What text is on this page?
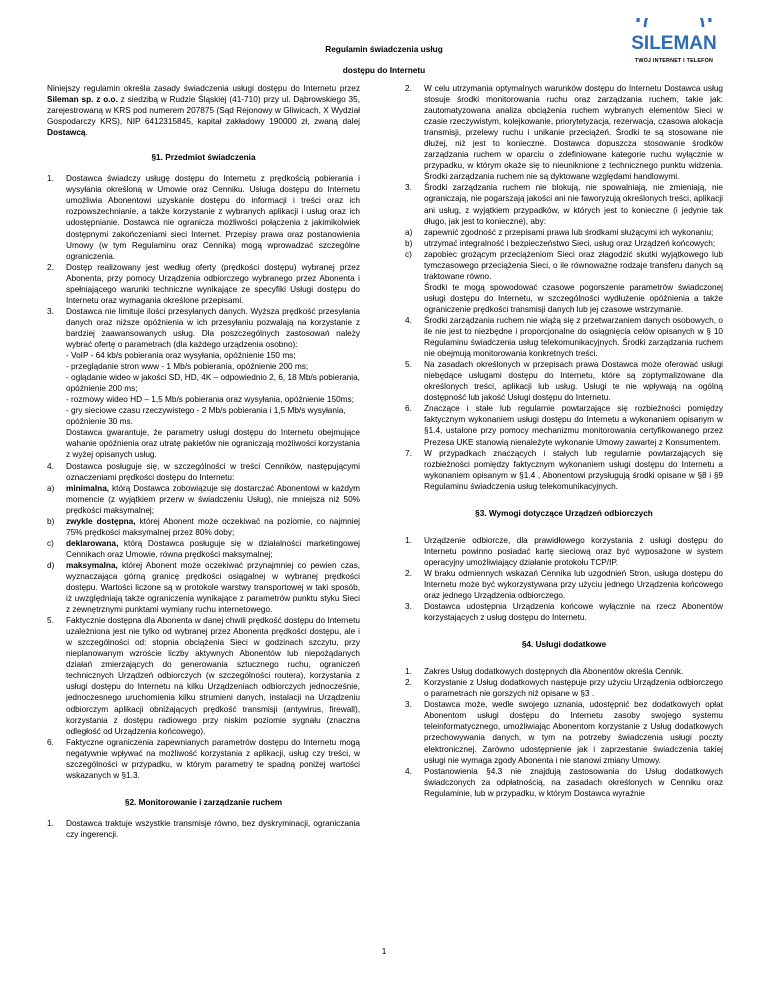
Regulamin świadczenia usług
dostępu do Internetu
SILEMAN
TWÓJ INTERNET I TELEFON

Niniejszy regulamin określa zasady świadczenia usługi dostępu do Internetu przez Sileman sp. z o.o. z siedzibą w Rudzie Śląskiej (41-710) przy ul. Dąbrowskiego 35, zarejestrowaną w KRS pod numerem 207875 (Sąd Rejonowy w Gliwicach, X Wydział Gospodarczy KRS), NIP 6412315845, kapitał zakładowy 190000 zł, zwaną dalej Dostawcą.

§1. Przedmiot świadczenia
1. Dostawca świadczy usługę dostępu do Internetu z prędkością pobierania i wysyłania określoną w Umowie oraz Cenniku. Usługa dostępu do Internetu umożliwia Abonentowi uzyskanie dostępu do informacji i treści oraz ich rozpowszechnianie, a także korzystanie z wybranych aplikacji i usług oraz ich udostępnianie. Dostawca nie ogranicza możliwości połączenia z jakimikolwiek dostępnymi zakończeniami sieci Internet. Przepisy prawa oraz postanowienia Umowy (w tym Regulaminu oraz Cennika) mogą wprowadzać szczególne ograniczenia.
2. Dostęp realizowany jest według oferty (prędkości dostępu) wybranej przez Abonenta, przy pomocy Urządzenia odbiorczego wybranego przez Abonenta i spełniającego warunki techniczne wynikające ze specyfiki Usługi dostępu do Internetu oraz wymagania określone przepisami.
3. Dostawca nie limituje ilości przesyłanych danych. Wyższa prędkość przesyłania danych oraz niższe opóźnienia w ich przesyłaniu pozwalają na korzystanie z bardziej zaawansowanych usług. Dla poszczególnych zastosowań należy wybrać ofertę o parametrach (dla każdego urządzenia osobno):
- VoIP - 64 kb/s pobierania oraz wysyłania, opóźnienie 150 ms;
- przeglądanie stron www - 1 Mb/s pobierania, opóźnienie 200 ms;
- oglądanie wideo w jakości SD, HD, 4K – odpowiednio 2, 6, 18 Mb/s pobierania, opóźnienie 200 ms;
- rozmowy wideo HD – 1,5 Mb/s pobierania oraz wysyłania, opóźnienie 150ms;
- gry sieciowe czasu rzeczywistego - 2 Mb/s pobierania i 1,5 Mb/s wysyłania, opóźnienie 30 ms.
Dostawca gwarantuje, że parametry usługi dostępu do Internetu obejmujące wahanie opóźnienia oraz utratę pakietów nie ograniczają możliwości korzystania z wyżej opisanych usług.
4. Dostawca posługuje się, w szczególności w treści Cenników, następującymi oznaczeniami prędkości dostępu do Internetu:
a) minimalna, którą Dostawca zobowiązuje się dostarczać Abonentowi w każdym momencie (z wyjątkiem przerw w świadczeniu Usług), nie mniejsza niż 50% prędkości maksymalnej;
b) zwykle dostępna, której Abonent może oczekiwać na poziomie, co najmniej 75% prędkości maksymalnej przez 80% doby;
c) deklarowana, którą Dostawca posługuje się w działalności marketingowej Cennikach oraz Umowie, równa prędkości maksymalnej;
d) maksymalna, której Abonent może oczekiwać przynajmniej co pewien czas, wyznaczająca górną granicę prędkości osiągalnej w wybranej prędkości dostępu. Wartości liczone są w protokole warstwy transportowej w taki sposób, iż uwzględniają także ograniczenia wynikające z parametrów punktu styku Sieci z zewnętrznymi punktami wymiany ruchu internetowego.
5. Faktycznie dostępna dla Abonenta w danej chwili prędkość dostępu do Internetu uzależniona jest nie tylko od wybranej przez Abonenta prędkości dostępu, ale i w szczególności od: stopnia obciążenia Sieci w godzinach szczytu, przy nieplanowanym wzroście liczby aktywnych Abonentów lub niepożądanych działań zmierzających do generowania sztucznego ruchu, ograniczeń technicznych Urządzeń odbiorczych (w szczególności routera), korzystania z usługi dostępu do Internetu na kilku Urządzeniach odbiorczych jednocześnie, jednoczesnego uruchomienia kilku strumieni danych, instalacji na Urządzeniu odbiorczym aplikacji obniżających prędkość transmisji (antywirus, firewall), korzystania z dostępu radiowego przy niskim poziomie sygnału (znaczna odległość od Urządzenia końcowego).
6. Faktyczne ograniczenia zapewnianych parametrów dostępu do Internetu mogą negatywnie wpływać na możliwość korzystania z aplikacji, usług czy treści, w szczególności w przypadku, w którym parametry te spadną poniżej wartości wskazanych w §1.3.
§2. Monitorowanie i zarządzanie ruchem
1. Dostawca traktuje wszystkie transmisje równo, bez dyskryminacji, ograniczania czy ingerencji.
2. W celu utrzymania optymalnych warunków dostępu do Internetu Dostawca usług stosuje środki monitorowania ruchu oraz zarządzania ruchem, takie jak: zautomatyzowana analiza obciążenia ruchem wybranych elementów Sieci w czasie rzeczywistym, kolejkowanie, priorytetyzacja, rezerwacja, czasowa alokacja transmisji, przelewy ruchu i unikanie przeciążeń. Środki te są stosowane nie dłużej, niż jest to konieczne. Dostawca dopuszcza stosowanie środków zarządzania ruchem w oparciu o zdefiniowane kategorie ruchu wyłącznie w przypadku, w którym okaże się to nieuniknione z technicznego punktu widzenia. Środki zarządzania ruchem nie są dyktowane względami handlowymi.
3. Środki zarządzania ruchem nie blokują, nie spowalniają, nie zmieniają, nie ograniczają, nie pogarszają jakości ani nie faworyzują określonych treści, aplikacji ani usług, z wyjątkiem przypadków, w których jest to konieczne (i jedynie tak długo, jak jest to konieczne), aby:
a) zapewnić zgodność z przepisami prawa lub środkami służącymi ich wykonaniu;
b) utrzymać integralność i bezpieczeństwo Sieci, usług oraz Urządzeń końcowych;
c) zapobiec grożącym przeciążeniom Sieci oraz złagodzić skutki wyjątkowego lub tymczasowego przeciążenia Sieci, o ile równoważne rodzaje transferu danych są traktowane równo.
Środki te mogą spowodować czasowe pogorszenie parametrów świadczonej usługi dostępu do Internetu, w szczególności wydłużenie opóźnienia a także ograniczenie prędkości transmisji danych lub jej czasowe wstrzymanie.
4. Środki zarządzania ruchem nie wiążą się z przetwarzaniem danych osobowych, o ile nie jest to niezbędne i proporcjonalne do osiągnięcia celów opisanych w § 10 Regulaminu świadczenia usług telekomunikacyjnych. Środki zarządzania ruchem nie obejmują monitorowania konkretnych treści.
5. Na zasadach określonych w przepisach prawa Dostawca może oferować usługi niebędące usługami dostępu do Internetu, które są zoptymalizowane dla określonych treści, aplikacji lub usług. Usługi te nie wpływają na ogólną dostępność lub jakość Usługi dostępu do Internetu.
6. Znaczące i stałe lub regularnie powtarzające się rozbieżności pomiędzy faktycznym wykonaniem usługi dostępu do Internetu a wykonaniem opisanym w §1.4, ustalone przy pomocy mechanizmu monitorowania certyfikowanego przez Prezesa UKE stanowią nienależyte wykonanie Umowy zawartej z Konsumentem.
7. W przypadkach znaczących i stałych lub regularnie powtarzających się rozbieżności pomiędzy faktycznym wykonaniem usługi dostępu do Internetu a wykonaniem opisanym w §1.4 , Abonentowi przysługują środki opisane w §8 i §9 Regulaminu świadczenia usług telekomunikacyjnych.
§3. Wymogi dotyczące Urządzeń odbiorczych
1. Urządzenie odbiorcze, dla prawidłowego korzystania z usługi dostępu do Internetu powinno posiadać kartę sieciową oraz być wyposażone w system operacyjny umożliwiający działanie protokołu TCP/IP.
2. W braku odmiennych wskazań Cennika lub uzgodnień Stron, usługa dostępu do Internetu może być wykorzystywana przy użyciu jednego Urządzenia końcowego oraz jednego Urządzenia odbiorczego.
3. Dostawca udostępnia Urządzenia końcowe wyłącznie na rzecz Abonentów korzystających z usług dostępu do Internetu.
§4. Usługi dodatkowe
1. Zakres Usług dodatkowych dostępnych dla Abonentów określa Cennik.
2. Korzystanie z Usług dodatkowych następuje przy użyciu Urządzenia odbiorczego o parametrach nie gorszych niż opisane w §3 .
3. Dostawca może, wedle swojego uznania, udostępnić bez dodatkowych opłat Abonentom usługi dostępu do Internetu zasoby swojego systemu teleinformatycznego, umożliwiając Abonentom korzystanie z Usług dodatkowych przechowywania danych, w tym na potrzeby świadczenia usługi poczty elektronicznej. Zarówno udostępnienie jak i zaprzestanie świadczenia takiej usługi nie wymaga zgody Abonenta i nie stanowi zmiany Umowy.
4. Postanowienia §4.3 nie znajdują zastosowania do Usług dodatkowych świadczonych za odpłatnością, na zasadach określonych w Cenniku oraz Regulaminie, lub w przypadku, w którym Dostawca wyraźnie
1
